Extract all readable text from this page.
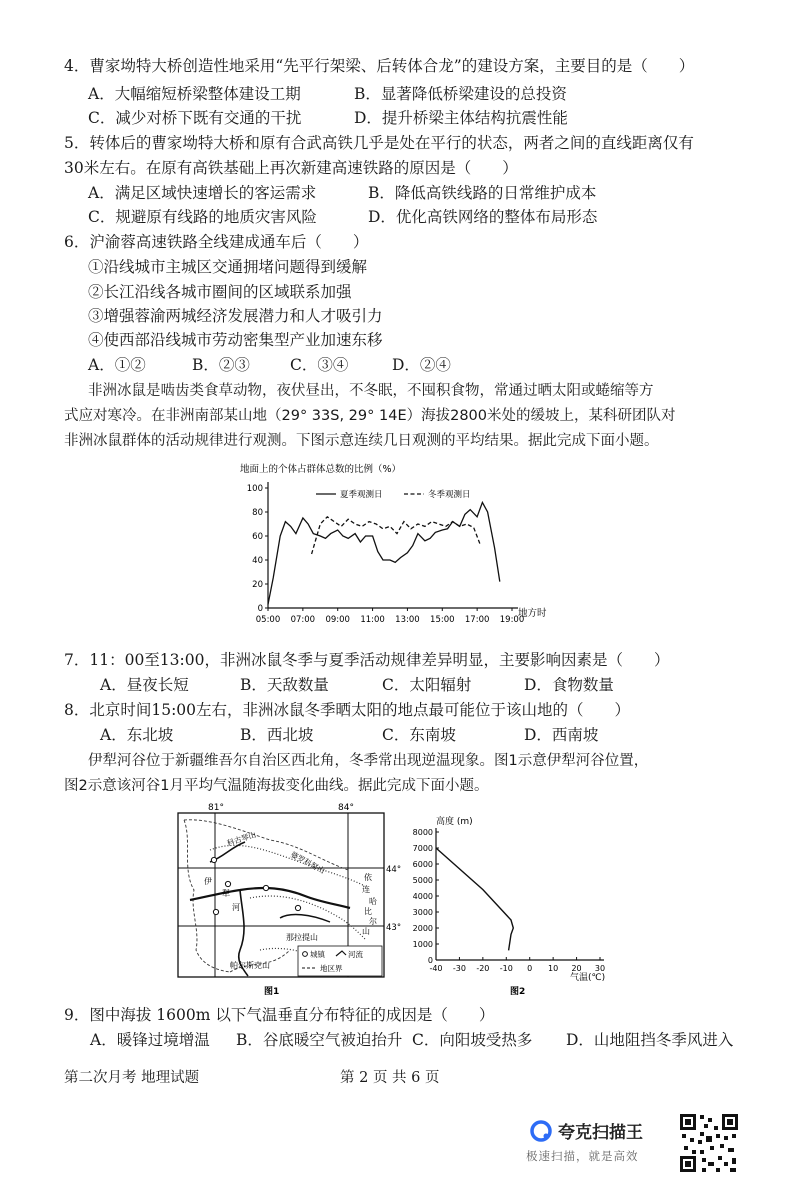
4．曹家坳特大桥创造性地采用“先平行架梁、后转体合龙”的建设方案，主要目的是（　　）
A．大幅缩短桥梁整体建设工期	B．显著降低桥梁建设的总投资
C．减少对桥下既有交通的干扰	D．提升桥梁主体结构抗震性能
5．转体后的曹家坳特大桥和原有合武高铁几乎是处在平行的状态，两者之间的直线距离仅有
30米左右。在原有高铁基础上再次新建高速铁路的原因是（　　）
A．满足区域快速增长的客运需求	B．降低高铁线路的日常维护成本
C．规避原有线路的地质灾害风险	D．优化高铁网络的整体布局形态
6．沪渝蓉高速铁路全线建成通车后（　　）
①沿线城市主城区交通拥堵问题得到缓解
②长江沿线各城市圈间的区域联系加强
③增强蓉渝两城经济发展潜力和人才吸引力
④使西部沿线城市劳动密集型产业加速东移
A．①②	B．②③	C．③④	D．②④
非洲冰鼠是啮齿类食草动物，夜伏昼出，不冬眠，不囤积食物，常通过晒太阳或蜷缩等方
式应对寒冷。在非洲南部某山地（29° 33S, 29° 14E）海拔2800米处的缓坡上，某科研团队对
非洲冰鼠群体的活动规律进行观测。下图示意连续几日观测的平均结果。据此完成下面小题。
地面上的个体占群体总数的比例（%）
0
20
40
60
80
100
05:00 07:00 09:00 11:00 13:00 15:00 17:00 19:00
夏季观测日	冬季观测日
地方时
7．11：00至13:00，非洲冰鼠冬季与夏季活动规律差异明显，主要影响因素是（　　）
A．昼夜长短	B．天敌数量	C．太阳辐射	D．食物数量
8．北京时间15:00左右，非洲冰鼠冬季晒太阳的地点最可能位于该山地的（　　）
A．东北坡	B．西北坡	C．东南坡	D．西南坡
伊犁河谷位于新疆维吾尔自治区西北角，冬季常出现逆温现象。图1示意伊犁河谷位置，
图2示意该河谷1月平均气温随海拔变化曲线。据此完成下面小题。
81°	84°
44°
43°
科古琴山
婆罗科努山
伊
犁
河
依
连
哈
比
尔
山
那拉提山
帕尔斯克山
城镇	河流
地区界
图1
高度 (m)
0
1000
2000
3000
4000
5000
6000
7000
8000
-40 -30 -20 -10 0 10 20 30
气温(℃)
图2
9．图中海拔 1600m 以下气温垂直分布特征的成因是（　　）
A．暖锋过境增温 B．谷底暖空气被迫抬升 C．向阳坡受热多 D．山地阻挡冬季风进入
第二次月考 地理试题	第 2 页 共 6 页
夸克扫描王
极速扫描，就是高效
